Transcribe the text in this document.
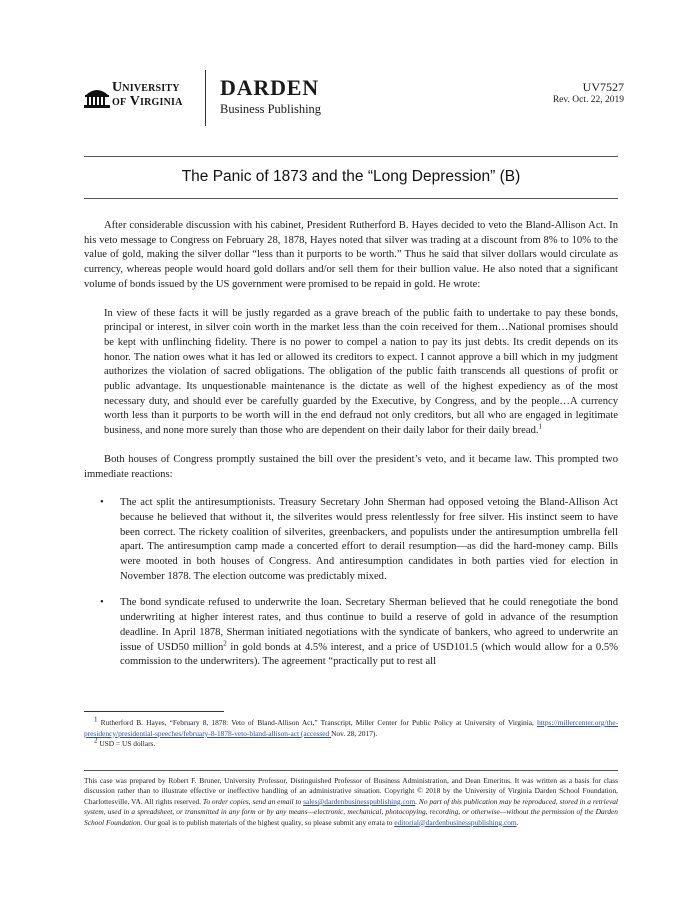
University
of Virginia
DARDEN
Business Publishing
UV7527
Rev. Oct. 22, 2019
The Panic of 1873 and the “Long Depression” (B)

After considerable discussion with his cabinet, President Rutherford B. Hayes decided to veto the Bland-Allison Act. In his veto message to Congress on February 28, 1878, Hayes noted that silver was trading at a discount from 8% to 10% to the value of gold, making the silver dollar “less than it purports to be worth.” Thus he said that silver dollars would circulate as currency, whereas people would hoard gold dollars and/or sell them for their bullion value. He also noted that a significant volume of bonds issued by the US government were promised to be repaid in gold. He wrote:

In view of these facts it will be justly regarded as a grave breach of the public faith to undertake to pay these bonds, principal or interest, in silver coin worth in the market less than the coin received for them…National promises should be kept with unflinching fidelity. There is no power to compel a nation to pay its just debts. Its credit depends on its honor. The nation owes what it has led or allowed its creditors to expect. I cannot approve a bill which in my judgment authorizes the violation of sacred obligations. The obligation of the public faith transcends all questions of profit or public advantage. Its unquestionable maintenance is the dictate as well of the highest expediency as of the most necessary duty, and should ever be carefully guarded by the Executive, by Congress, and by the people…A currency worth less than it purports to be worth will in the end defraud not only creditors, but all who are engaged in legitimate business, and none more surely than those who are dependent on their daily labor for their daily bread.$^1$

Both houses of Congress promptly sustained the bill over the president’s veto, and it became law. This prompted two immediate reactions:

• The act split the antiresumptionists. Treasury Secretary John Sherman had opposed vetoing the Bland-Allison Act because he believed that without it, the silverites would press relentlessly for free silver. His instinct seem to have been correct. The rickety coalition of silverites, greenbackers, and populists under the antiresumption umbrella fell apart. The antiresumption camp made a concerted effort to derail resumption—as did the hard-money camp. Bills were mooted in both houses of Congress. And antiresumption candidates in both parties vied for election in November 1878. The election outcome was predictably mixed.
• The bond syndicate refused to underwrite the loan. Secretary Sherman believed that he could renegotiate the bond underwriting at higher interest rates, and thus continue to build a reserve of gold in advance of the resumption deadline. In April 1878, Sherman initiated negotiations with the syndicate of bankers, who agreed to underwrite an issue of USD50 million$^2$ in gold bonds at 4.5% interest, and a price of USD101.5 (which would allow for a 0.5% commission to the underwriters). The agreement “practically put to rest all

$^1$ Rutherford B. Hayes, “February 8, 1878: Veto of Bland-Allison Act,” Transcript, Miller Center for Public Policy at University of Virginia, https://millercenter.org/the-presidency/presidential-speeches/february-8-1878-veto-bland-allison-act (accessed Nov. 28, 2017).

$^2$ USD = US dollars.

This case was prepared by Robert F. Bruner, University Professor, Distinguished Professor of Business Administration, and Dean Emeritus. It was written as a basis for class discussion rather than to illustrate effective or ineffective handling of an administrative situation. Copyright © 2018 by the University of Virginia Darden School Foundation, Charlottesville, VA. All rights reserved. To order copies, send an email to sales@dardenbusinesspublishing.com. No part of this publication may be reproduced, stored in a retrieval system, used in a spreadsheet, or transmitted in any form or by any means—electronic, mechanical, photocopying, recording, or otherwise—without the permission of the Darden School Foundation. Our goal is to publish materials of the highest quality, so please submit any errata to editorial@dardenbusinesspublishing.com.
